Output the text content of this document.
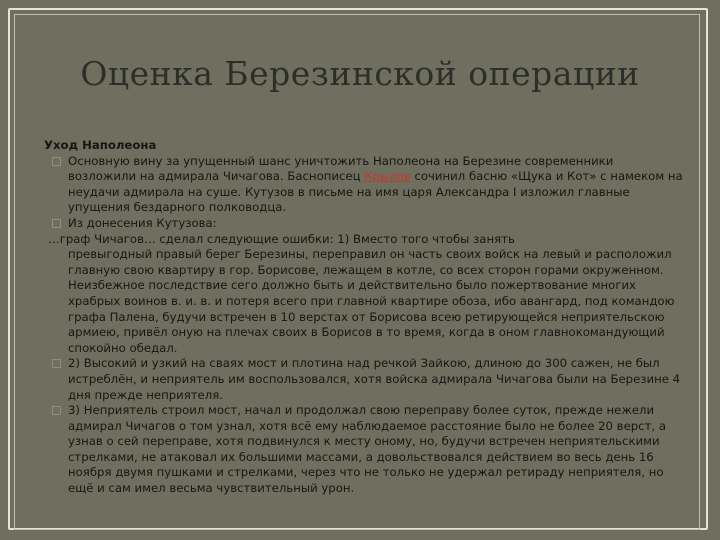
Оценка Березинской операции
Уход Наполеона
Основную вину за упущенный шанс уничтожить Наполеона на Березине современники возложили на адмирала Чичагова. Баснописец Крылов сочинил басню «Щука и Кот» с намеком на неудачи адмирала на суше. Кутузов в письме на имя царя Александра I изложил главные упущения бездарного полководца.
Из донесения Кутузова:
…граф Чичагов… сделал следующие ошибки: 1) Вместо того чтобы занять
превыгодный правый берег Березины, переправил он часть своих войск на левый и расположил главную свою квартиру в гор. Борисове, лежащем в котле, со всех сторон горами окруженном. Неизбежное последствие сего должно быть и действительно было пожертвование многих храбрых воинов в. и. в. и потеря всего при главной квартире обоза, ибо авангард, под командою графа Палена, будучи встречен в 10 верстах от Борисова всею ретирующейся неприятельскою армиею, привёл оную на плечах своих в Борисов в то время, когда в оном главнокомандующий спокойно обедал.
2) Высокий и узкий на сваях мост и плотина над речкой Зайкою, длиною до 300 сажен, не был истреблён, и неприятель им воспользовался, хотя войска адмирала Чичагова были на Березине 4 дня прежде неприятеля.
3) Неприятель строил мост, начал и продолжал свою переправу более суток, прежде нежели адмирал Чичагов о том узнал, хотя всё ему наблюдаемое расстояние было не более 20 верст, а узнав о сей переправе, хотя подвинулся к месту оному, но, будучи встречен неприятельскими стрелками, не атаковал их большими массами, а довольствовался действием во весь день 16 ноября двумя пушками и стрелками, через что не только не удержал ретираду неприятеля, но ещё и сам имел весьма чувствительный урон.
